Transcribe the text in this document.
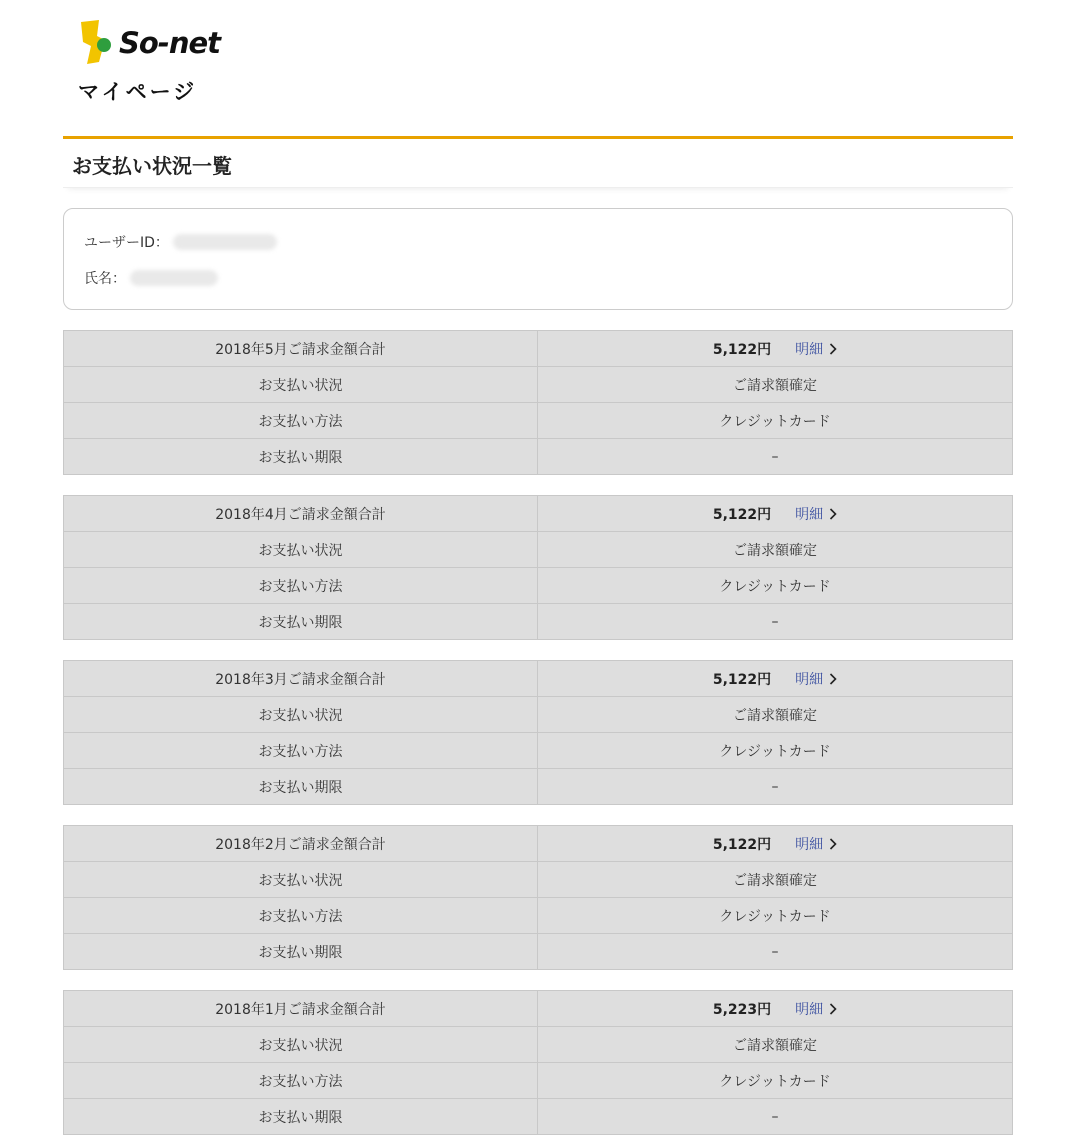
So-net
マイページ
お支払い状況一覧
ユーザーID：
氏名：
2018年5月ご請求金額合計	5,122円 明細
お支払い状況	ご請求額確定
お支払い方法	クレジットカード
お支払い期限	–
2018年4月ご請求金額合計	5,122円 明細
お支払い状況	ご請求額確定
お支払い方法	クレジットカード
お支払い期限	–
2018年3月ご請求金額合計	5,122円 明細
お支払い状況	ご請求額確定
お支払い方法	クレジットカード
お支払い期限	–
2018年2月ご請求金額合計	5,122円 明細
お支払い状況	ご請求額確定
お支払い方法	クレジットカード
お支払い期限	–
2018年1月ご請求金額合計	5,223円 明細
お支払い状況	ご請求額確定
お支払い方法	クレジットカード
お支払い期限	–
